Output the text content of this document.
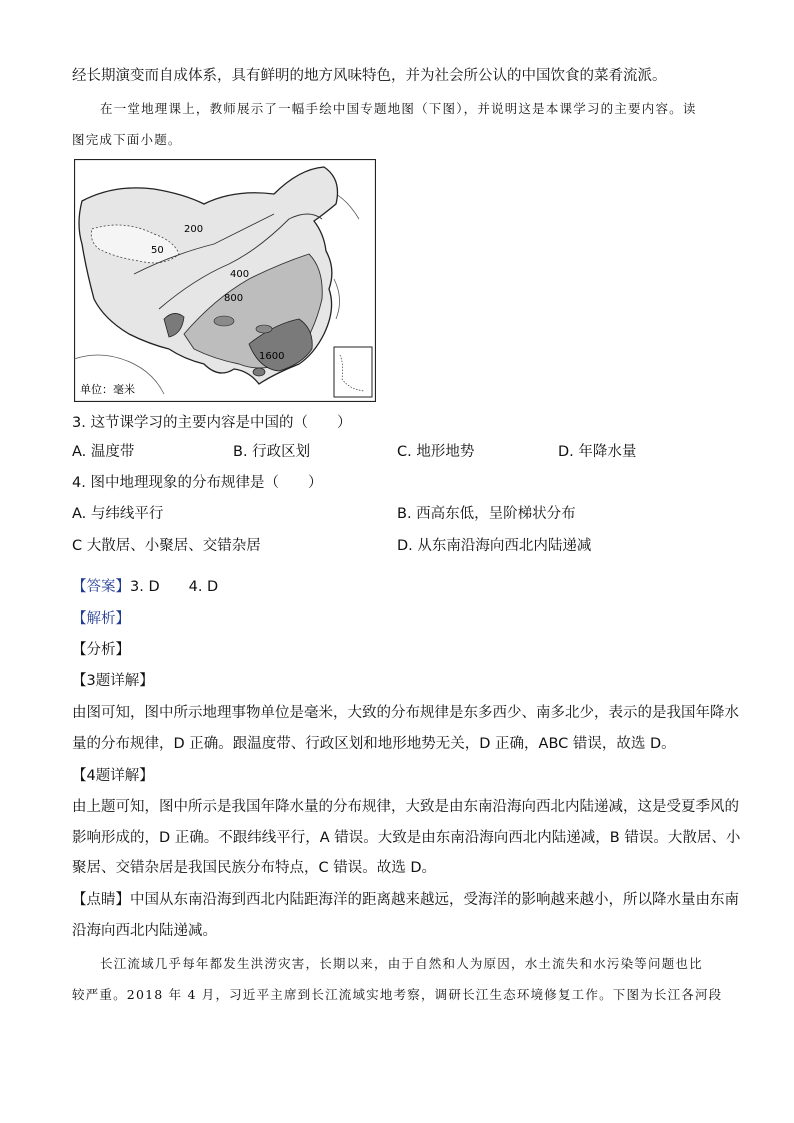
经长期演变而自成体系，具有鲜明的地方风味特色，并为社会所公认的中国饮食的菜肴流派。
在一堂地理课上，教师展示了一幅手绘中国专题地图（下图），并说明这是本课学习的主要内容。读
图完成下面小题。
50
200
400
800
1600
单位：毫米
3. 这节课学习的主要内容是中国的（　　）
A. 温度带	B. 行政区划	C. 地形地势	D. 年降水量
4. 图中地理现象的分布规律是（　　）
A. 与纬线平行	B. 西高东低，呈阶梯状分布
C 大散居、小聚居、交错杂居	D. 从东南沿海向西北内陆递减
【答案】3. D　　4. D
【解析】
【分析】
【3题详解】
由图可知，图中所示地理事物单位是毫米，大致的分布规律是东多西少、南多北少，表示的是我国年降水
量的分布规律，D 正确。跟温度带、行政区划和地形地势无关，D 正确，ABC 错误，故选 D。
【4题详解】
由上题可知，图中所示是我国年降水量的分布规律，大致是由东南沿海向西北内陆递减，这是受夏季风的
影响形成的，D 正确。不跟纬线平行，A 错误。大致是由东南沿海向西北内陆递减，B 错误。大散居、小
聚居、交错杂居是我国民族分布特点，C 错误。故选 D。
【点睛】中国从东南沿海到西北内陆距海洋的距离越来越远，受海洋的影响越来越小，所以降水量由东南
沿海向西北内陆递减。
长江流域几乎每年都发生洪涝灾害，长期以来，由于自然和人为原因，水土流失和水污染等问题也比
较严重。2018 年 4 月，习近平主席到长江流域实地考察，调研长江生态环境修复工作。下图为长江各河段
